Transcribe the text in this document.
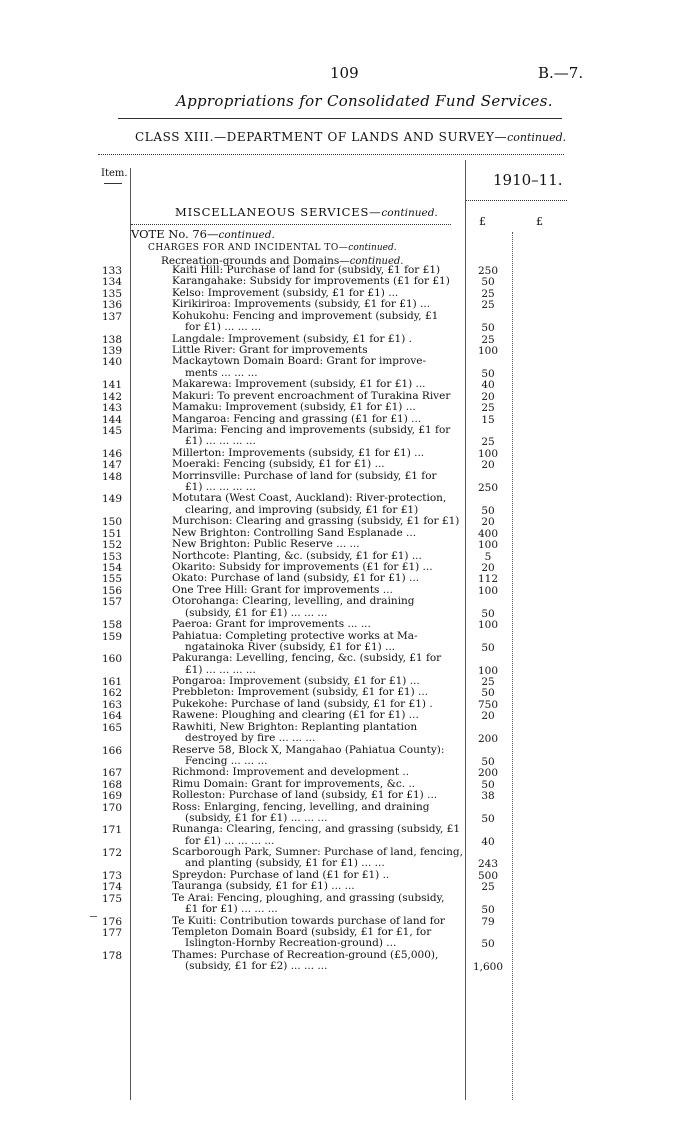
109	B.—7.
Appropriations for Consolidated Fund Services.
CLASS XIII.—DEPARTMENT OF LANDS AND SURVEY—continued.
Item.	1910–11.
£	£
MISCELLANEOUS SERVICES—continued.
VOTE No. 76—continued.
CHARGES FOR AND INCIDENTAL TO—continued.
Recreation-grounds and Domains—continued.
133	Kaiti Hill: Purchase of land for (subsidy, £1 for £1)	250
134	Karangahake: Subsidy for improvements (£1 for £1)	50
135	Kelso: Improvement (subsidy, £1 for £1) ...	25
136	Kirikiriroa: Improvements (subsidy, £1 for £1) ...	25
137	Kohukohu: Fencing and improvement (subsidy, £1
for £1) ... ... ...	50
138	Langdale: Improvement (subsidy, £1 for £1) .	25
139	Little River: Grant for improvements	100
140	Mackaytown Domain Board: Grant for improve-
ments ... ... ...	50
141	Makarewa: Improvement (subsidy, £1 for £1) ...	40
142	Makuri: To prevent encroachment of Turakina River	20
143	Mamaku: Improvement (subsidy, £1 for £1) ...	25
144	Mangaroa: Fencing and grassing (£1 for £1) ...	15
145	Marima: Fencing and improvements (subsidy, £1 for
£1) ... ... ... ...	25
146	Millerton: Improvements (subsidy, £1 for £1) ...	100
147	Moeraki: Fencing (subsidy, £1 for £1) ...	20
148	Morrinsville: Purchase of land for (subsidy, £1 for
£1) ... ... ... ...	250
149	Motutara (West Coast, Auckland): River-protection,
clearing, and improving (subsidy, £1 for £1)	50
150	Murchison: Clearing and grassing (subsidy, £1 for £1)	20
151	New Brighton: Controlling Sand Esplanade ...	400
152	New Brighton: Public Reserve ... ...	100
153	Northcote: Planting, &c. (subsidy, £1 for £1) ...	5
154	Okarito: Subsidy for improvements (£1 for £1) ...	20
155	Okato: Purchase of land (subsidy, £1 for £1) ...	112
156	One Tree Hill: Grant for improvements ...	100
157	Otorohanga: Clearing, levelling, and draining
(subsidy, £1 for £1) ... ... ...	50
158	Paeroa: Grant for improvements ... ...	100
159	Pahiatua: Completing protective works at Ma-
ngatainoka River (subsidy, £1 for £1) ...	50
160	Pakuranga: Levelling, fencing, &c. (subsidy, £1 for
£1) ... ... ... ...	100
161	Pongaroa: Improvement (subsidy, £1 for £1) ...	25
162	Prebbleton: Improvement (subsidy, £1 for £1) ...	50
163	Pukekohe: Purchase of land (subsidy, £1 for £1) .	750
164	Rawene: Ploughing and clearing (£1 for £1) ...	20
165	Rawhiti, New Brighton: Replanting plantation
destroyed by fire ... ... ...	200
166	Reserve 58, Block X, Mangahao (Pahiatua County):
Fencing ... ... ...	50
167	Richmond: Improvement and development ..	200
168	Rimu Domain: Grant for improvements, &c. ..	50
169	Rolleston: Purchase of land (subsidy, £1 for £1) ...	38
170	Ross: Enlarging, fencing, levelling, and draining
(subsidy, £1 for £1) ... ... ...	50
171	Runanga: Clearing, fencing, and grassing (subsidy, £1
for £1) ... ... ... ...	40
172	Scarborough Park, Sumner: Purchase of land, fencing,
and planting (subsidy, £1 for £1) ... ...	243
173	Spreydon: Purchase of land (£1 for £1) ..	500
174	Tauranga (subsidy, £1 for £1) ... ...	25
175	Te Arai: Fencing, ploughing, and grassing (subsidy,
£1 for £1) ... ... ...	50
176	Te Kuiti: Contribution towards purchase of land for	79
177	Templeton Domain Board (subsidy, £1 for £1, for
Islington-Hornby Recreation-ground) ...	50
178	Thames: Purchase of Recreation-ground (£5,000),
(subsidy, £1 for £2) ... ... ...	1,600
